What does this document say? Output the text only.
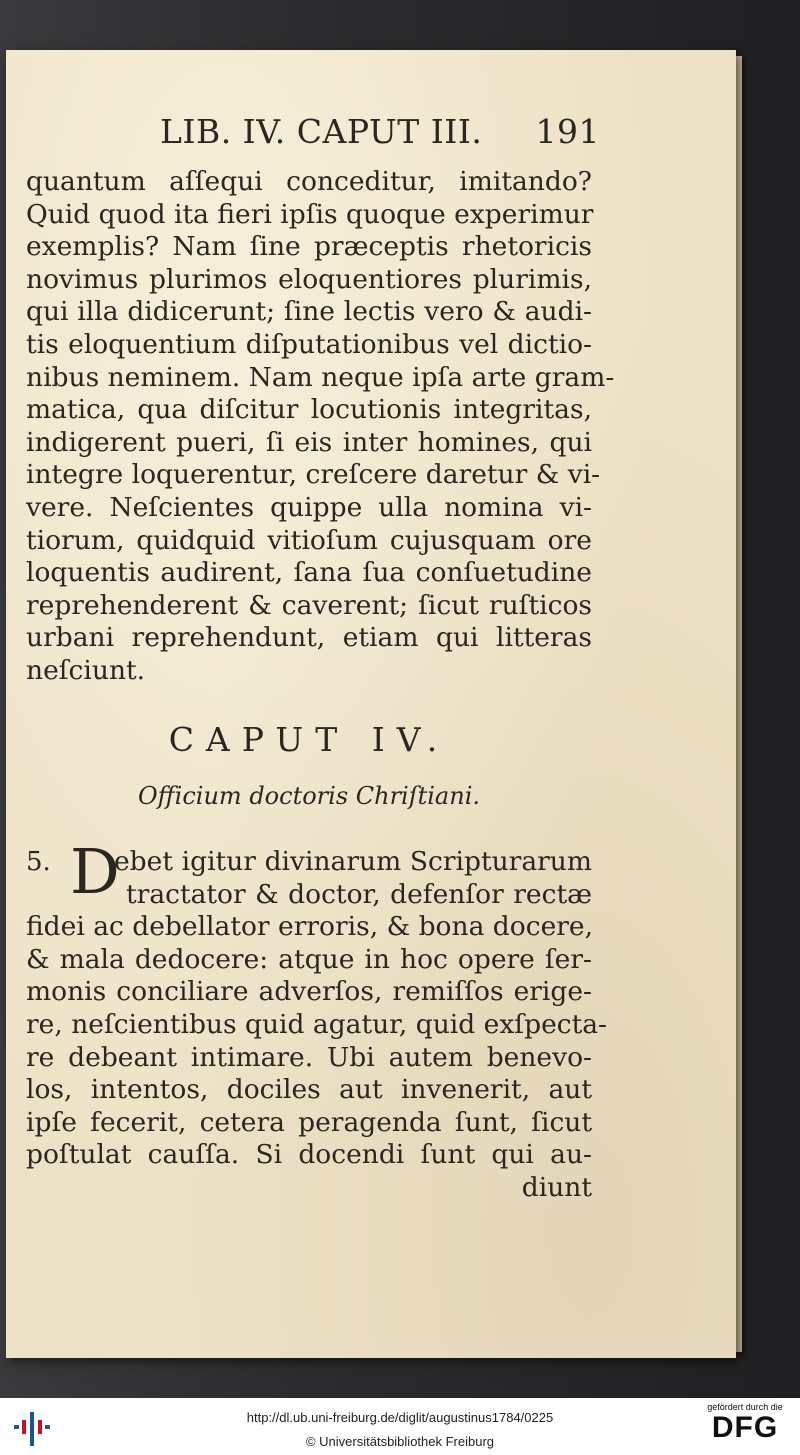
LIB. IV. CAPUT III. 191
quantum aſſequi conceditur, imitando?
Quid quod ita fieri ipſis quoque experimur
exemplis? Nam ſine præceptis rhetoricis
novimus plurimos eloquentiores plurimis,
qui illa didicerunt; ſine lectis vero & audi-
tis eloquentium diſputationibus vel dictio-
nibus neminem. Nam neque ipſa arte gram-
matica, qua diſcitur locutionis integritas,
indigerent pueri, ſi eis inter homines, qui
integre loquerentur, creſcere daretur & vi-
vere. Neſcientes quippe ulla nomina vi-
tiorum, quidquid vitioſum cujusquam ore
loquentis audirent, ſana ſua conſuetudine
reprehenderent & caverent; ſicut ruſticos
urbani reprehendunt, etiam qui litteras
neſciunt.
CAPUT IV.
Officium doctoris Chriſtiani.
5. D
ebet igitur divinarum Scripturarum
tractator & doctor, defenſor rectæ
fidei ac debellator erroris, & bona docere,
& mala dedocere: atque in hoc opere ſer-
monis conciliare adverſos, remiſſos erige-
re, neſcientibus quid agatur, quid exſpecta-
re debeant intimare. Ubi autem benevo-
los, intentos, dociles aut invenerit, aut
ipſe fecerit, cetera peragenda ſunt, ſicut
poſtulat cauſſa. Si docendi ſunt qui au-
diunt
http://dl.ub.uni-freiburg.de/diglit/augustinus1784/0225
© Universitätsbibliothek Freiburg
gefördert durch die
DFG
